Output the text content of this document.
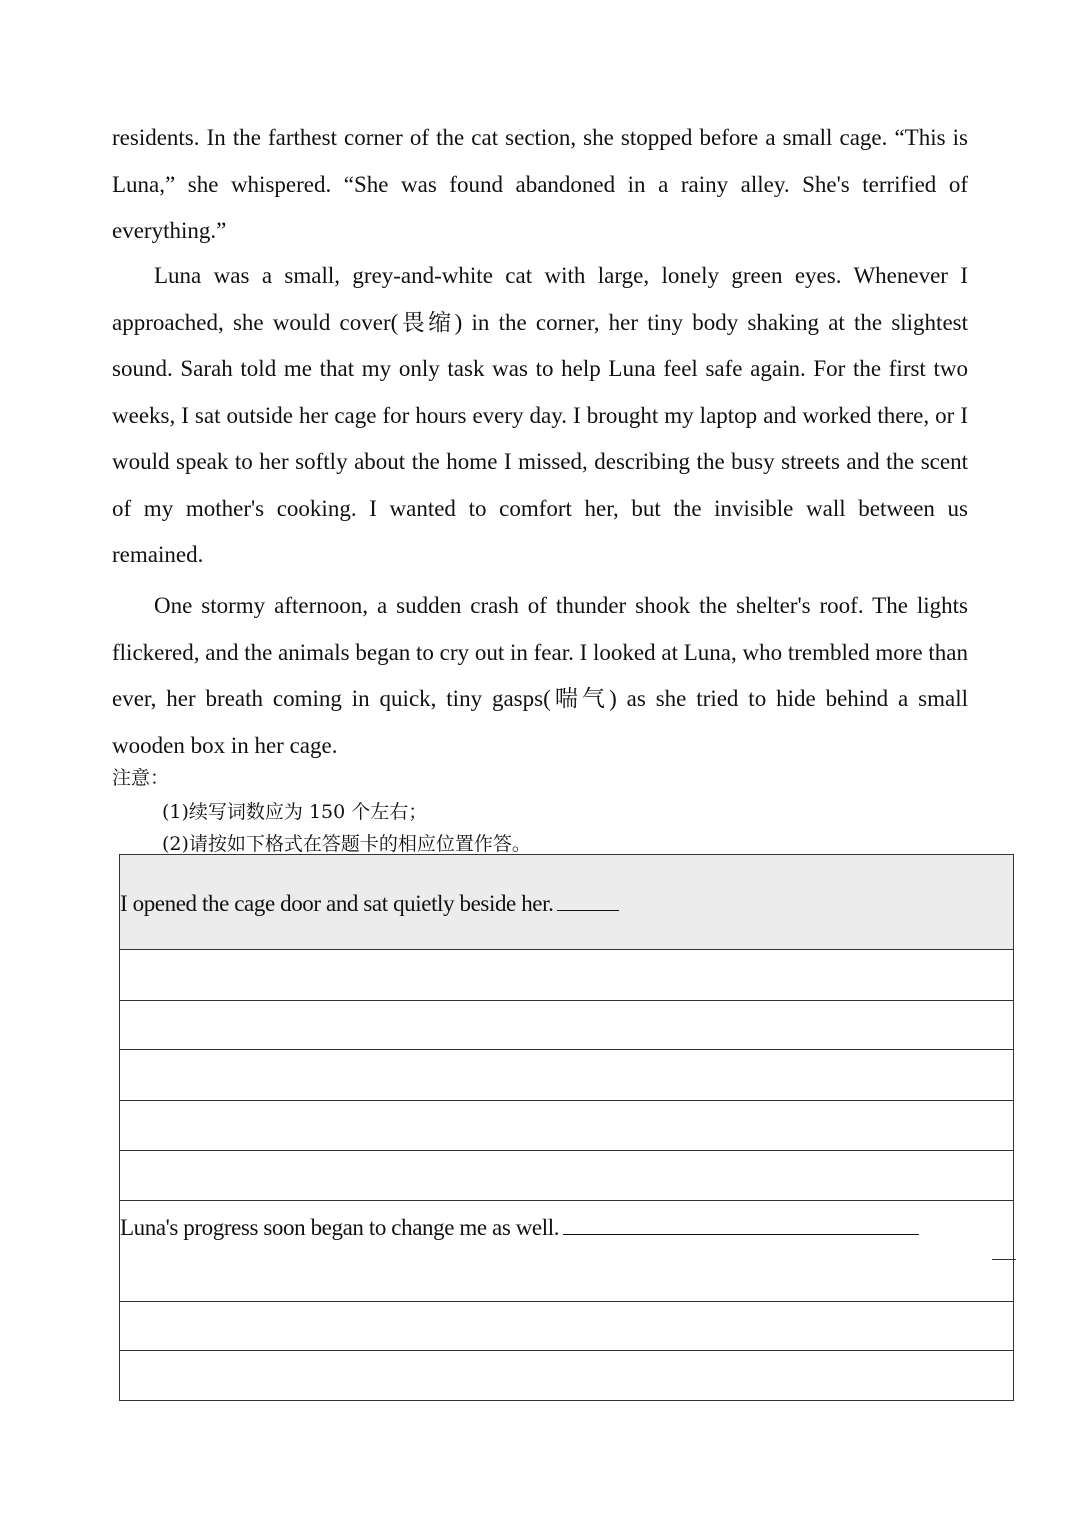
residents. In the farthest corner of the cat section, she stopped before a small cage. “This is Luna,” she whispered. “She was found abandoned in a rainy alley. She's terrified of everything.”

Luna was a small, grey-and-white cat with large, lonely green eyes. Whenever I approached, she would cover(畏缩) in the corner, her tiny body shaking at the slightest sound. Sarah told me that my only task was to help Luna feel safe again. For the first two weeks, I sat outside her cage for hours every day. I brought my laptop and worked there, or I would speak to her softly about the home I missed, describing the busy streets and the scent of my mother's cooking. I wanted to comfort her, but the invisible wall between us remained.

One stormy afternoon, a sudden crash of thunder shook the shelter's roof. The lights flickered, and the animals began to cry out in fear. I looked at Luna, who trembled more than ever, her breath coming in quick, tiny gasps(喘气) as she tried to hide behind a small wooden box in her cage.

注意：

(1)续写词数应为 150 个左右；

(2)请按如下格式在答题卡的相应位置作答。

I opened the cage door and sat quietly beside her.
Luna's progress soon began to change me as well.
